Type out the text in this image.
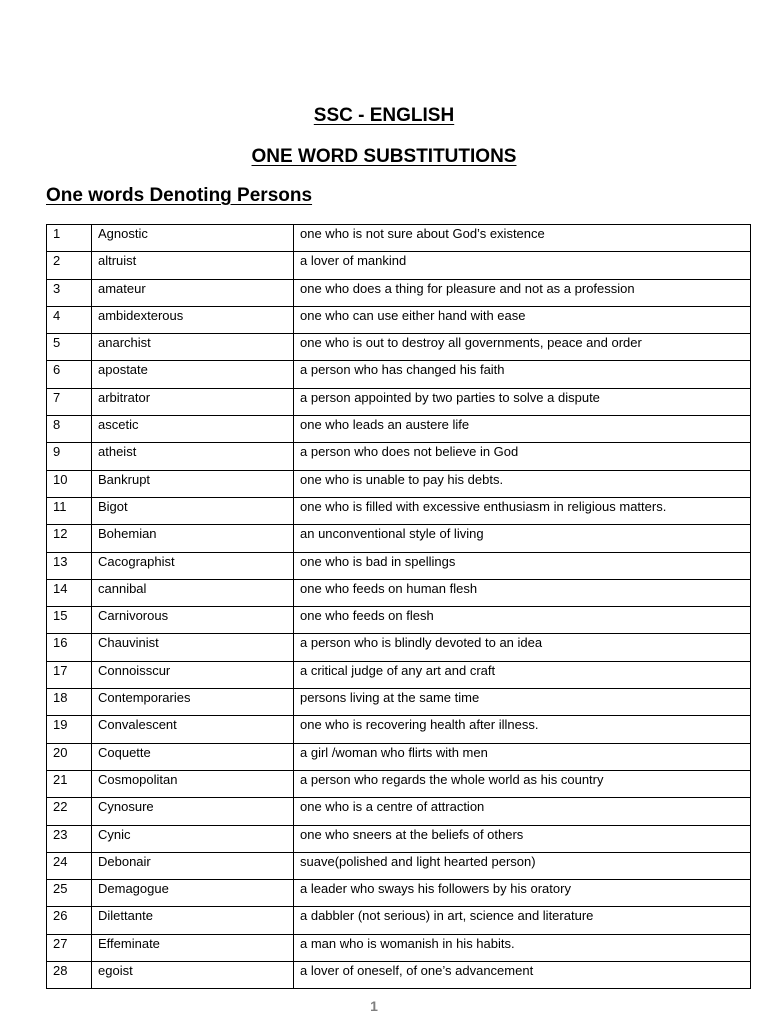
SSC - ENGLISH
ONE WORD SUBSTITUTIONS
One words Denoting Persons
1	Agnostic	one who is not sure about God’s existence
2	altruist	a lover of mankind
3	amateur	one who does a thing for pleasure and not as a profession
4	ambidexterous	one who can use either hand with ease
5	anarchist	one who is out to destroy all governments, peace and order
6	apostate	a person who has changed his faith
7	arbitrator	a person appointed by two parties to solve a dispute
8	ascetic	one who leads an austere life
9	atheist	a person who does not believe in God
10	Bankrupt	one who is unable to pay his debts.
11	Bigot	one who is filled with excessive enthusiasm in religious matters.
12	Bohemian	an unconventional style of living
13	Cacographist	one who is bad in spellings
14	cannibal	one who feeds on human flesh
15	Carnivorous	one who feeds on flesh
16	Chauvinist	a person who is blindly devoted to an idea
17	Connoisscur	a critical judge of any art and craft
18	Contemporaries	persons living at the same time
19	Convalescent	one who is recovering health after illness.
20	Coquette	a girl /woman who flirts with men
21	Cosmopolitan	a person who regards the whole world as his country
22	Cynosure	one who is a centre of attraction
23	Cynic	one who sneers at the beliefs of others
24	Debonair	suave(polished and light hearted person)
25	Demagogue	a leader who sways his followers by his oratory
26	Dilettante	a dabbler (not serious) in art, science and literature
27	Effeminate	a man who is womanish in his habits.
28	egoist	a lover of oneself, of one’s advancement
1
